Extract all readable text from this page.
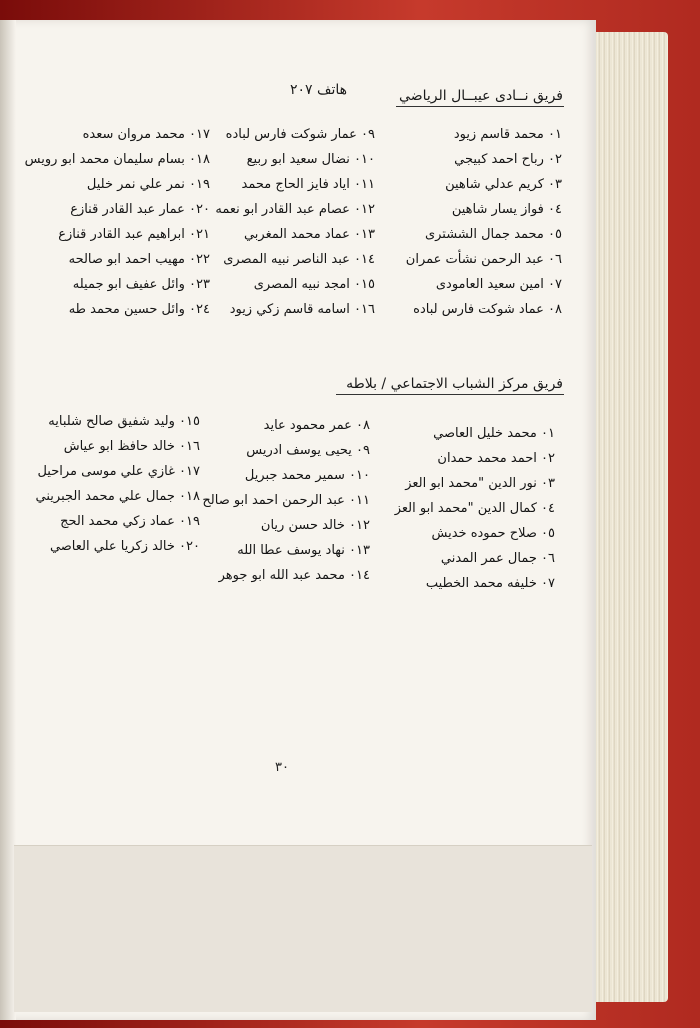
فريق نــادى عيبــال الرياضي
هاتف ٢٠٧
٠١ محمد قاسم زيود
٠٢ رباح احمد كبيجي
٠٣ كريم عدلي شاهين
٠٤ فواز يسار شاهين
٠٥ محمد جمال الششترى
٠٦ عبد الرحمن نشأت عمران
٠٧ امين سعيد العامودى
٠٨ عماد شوكت فارس لباده
٠٩ عمار شوكت فارس لباده
٠١٠ نضال سعيد ابو ربيع
٠١١ اياد فايز الحاج محمد
٠١٢ عصام عبد القادر ابو نعمه
٠١٣ عماد محمد المغربي
٠١٤ عبد الناصر نبيه المصرى
٠١٥ امجد نبيه المصرى
٠١٦ اسامه قاسم زكي زيود
٠١٧ محمد مروان سعده
٠١٨ بسام سليمان محمد ابو رويس
٠١٩ نمر علي نمر خليل
٠٢٠ عمار عبد القادر قنازع
٠٢١ ابراهيم عبد القادر قنازع
٠٢٢ مهيب احمد ابو صالحه
٠٢٣ وائل عفيف ابو جميله
٠٢٤ وائل حسين محمد طه
فريق مركز الشباب الاجتماعي / بلاطه
٠١ محمد خليل العاصي
٠٢ احمد محمد حمدان
٠٣ نور الدين "محمد ابو العز
٠٤ كمال الدين "محمد ابو العز
٠٥ صلاح حموده خديش
٠٦ جمال عمر المدني
٠٧ خليفه محمد الخطيب
٠٨ عمر محمود عايد
٠٩ يحيى يوسف ادريس
٠١٠ سمير محمد جبريل
٠١١ عبد الرحمن احمد ابو صالح
٠١٢ خالد حسن ريان
٠١٣ نهاد يوسف عطا الله
٠١٤ محمد عبد الله ابو جوهر
٠١٥ وليد شفيق صالح شلبايه
٠١٦ خالد حافظ ابو عياش
٠١٧ غازي علي موسى مراحيل
٠١٨ جمال علي محمد الجبريني
٠١٩ عماد زكي محمد الحج
٠٢٠ خالد زكريا علي العاصي
٣٠
